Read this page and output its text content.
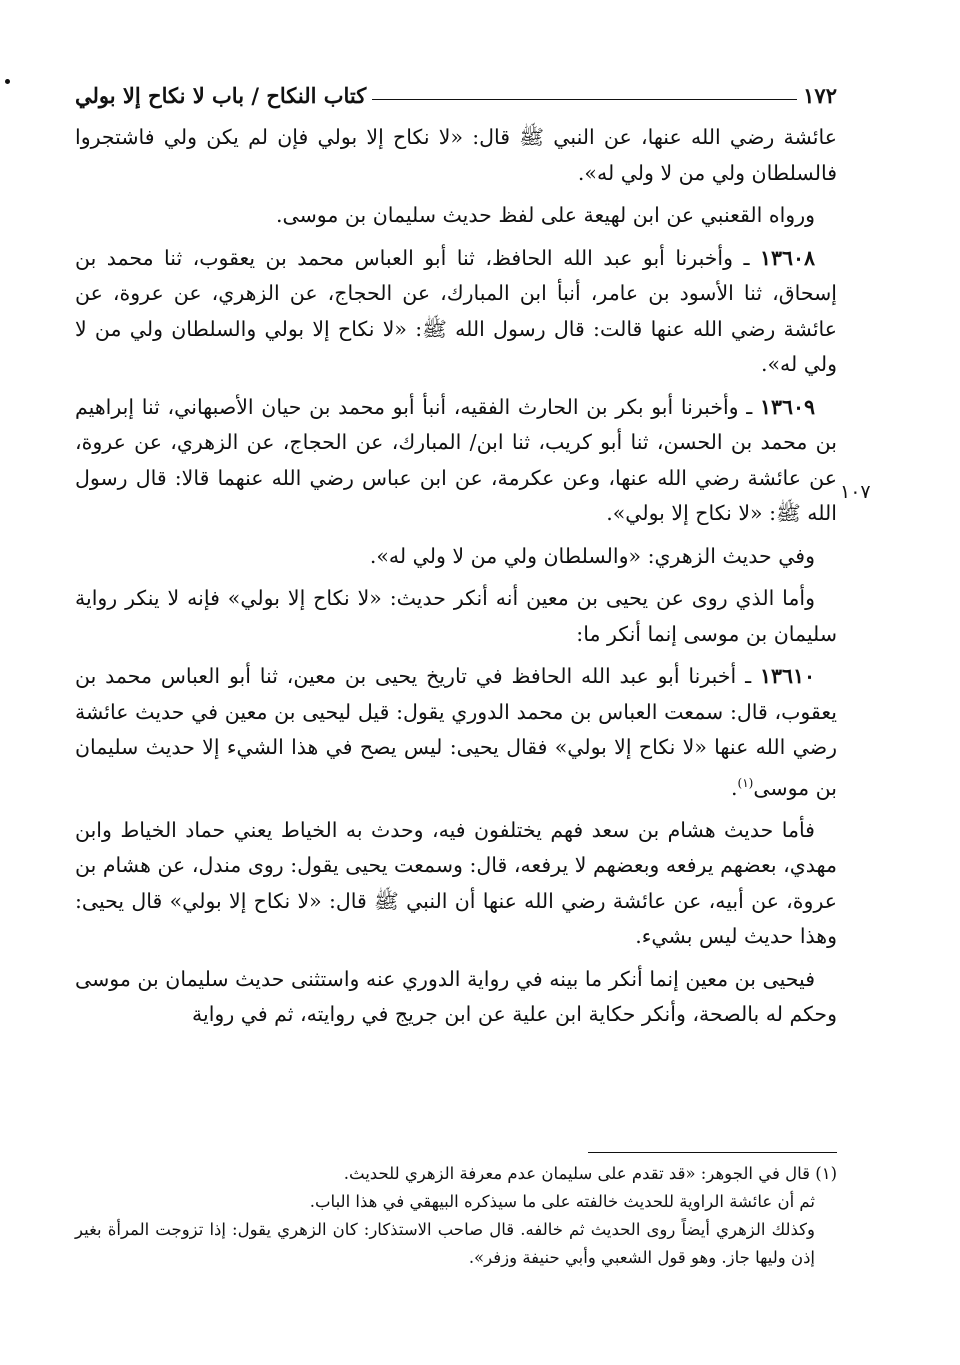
١٧٢
كتاب النكاح / باب لا نكاح إلا بولي

عائشة رضي الله عنها، عن النبي ﷺ قال: «لا نكاح إلا بولي فإن لم يكن ولي فاشتجروا فالسلطان ولي من لا ولي له».

ورواه القعنبي عن ابن لهيعة على لفظ حديث سليمان بن موسى.

١٣٦٠٨ ـ وأخبرنا أبو عبد الله الحافظ، ثنا أبو العباس محمد بن يعقوب، ثنا محمد بن إسحاق، ثنا الأسود بن عامر، أنبأ ابن المبارك، عن الحجاج، عن الزهري، عن عروة، عن عائشة رضي الله عنها قالت: قال رسول الله ﷺ: «لا نكاح إلا بولي والسلطان ولي من لا ولي له».

١٣٦٠٩ ـ وأخبرنا أبو بكر بن الحارث الفقيه، أنبأ أبو محمد بن حيان الأصبهاني، ثنا إبراهيم بن محمد بن الحسن، ثنا أبو كريب، ثنا ابن/ المبارك، عن الحجاج، عن الزهري، عن عروة، عن عائشة رضي الله عنها، وعن عكرمة، عن ابن عباس رضي الله عنهما قالا: قال رسول الله ﷺ: «لا نكاح إلا بولي».

وفي حديث الزهري: «والسلطان ولي من لا ولي له».

وأما الذي روى عن يحيى بن معين أنه أنكر حديث: «لا نكاح إلا بولي» فإنه لا ينكر رواية سليمان بن موسى إنما أنكر ما:

١٣٦١٠ ـ أخبرنا أبو عبد الله الحافظ في تاريخ يحيى بن معين، ثنا أبو العباس محمد بن يعقوب، قال: سمعت العباس بن محمد الدوري يقول: قيل ليحيى بن معين في حديث عائشة رضي الله عنها «لا نكاح إلا بولي» فقال يحيى: ليس يصح في هذا الشيء إلا حديث سليمان بن موسى$^{(١)}$.

فأما حديث هشام بن سعد فهم يختلفون فيه، وحدث به الخياط يعني حماد الخياط وابن مهدي، بعضهم يرفعه وبعضهم لا يرفعه، قال: وسمعت يحيى يقول: روى مندل، عن هشام بن عروة، عن أبيه، عن عائشة رضي الله عنها أن النبي ﷺ قال: «لا نكاح إلا بولي» قال يحيى: وهذا حديث ليس بشيء.

فيحيى بن معين إنما أنكر ما بينه في رواية الدوري عنه واستثنى حديث سليمان بن موسى وحكم له بالصحة، وأنكر حكاية ابن علية عن ابن جريج في روايته، ثم في رواية

١٠٧

(١) قال في الجوهر: «قد تقدم على سليمان عدم معرفة الزهري للحديث.

ثم أن عائشة الراوية للحديث خالفته على ما سيذكره البيهقي في هذا الباب.

وكذلك الزهري أيضاً روى الحديث ثم خالفه. قال صاحب الاستذكار: كان الزهري يقول: إذا تزوجت المرأة بغير إذن وليها جاز. وهو قول الشعبي وأبي حنيفة وزفر».
